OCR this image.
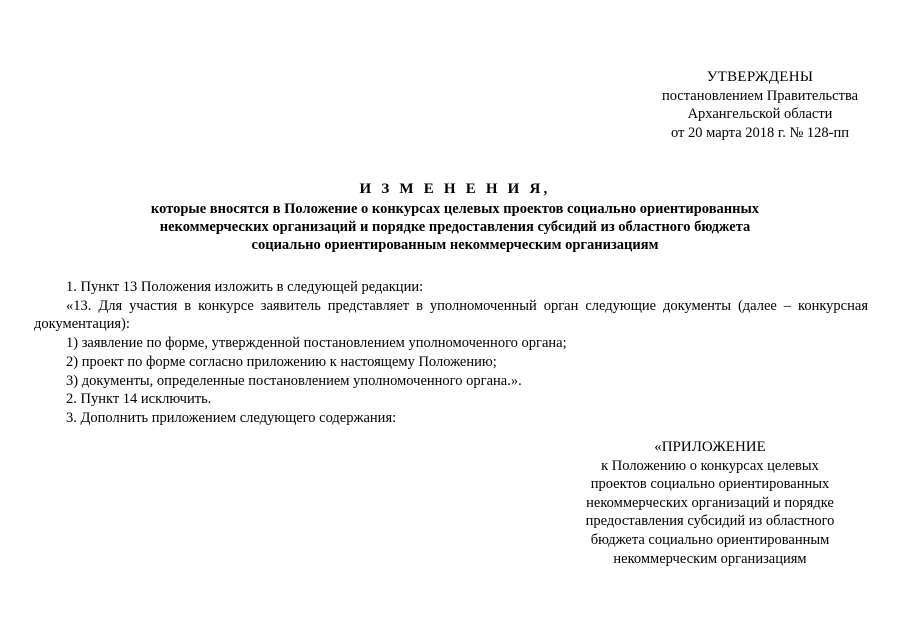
УТВЕРЖДЕНЫ
постановлением Правительства
Архангельской области
от 20 марта 2018 г. № 128-пп
И З М Е Н Е Н И Я,
которые вносятся в Положение о конкурсах целевых проектов социально ориентированных
некоммерческих организаций и порядке предоставления субсидий из областного бюджета
социально ориентированным некоммерческим организациям

1. Пункт 13 Положения изложить в следующей редакции:

«13. Для участия в конкурсе заявитель представляет в уполномоченный орган следующие документы (далее – конкурсная документация):

1) заявление по форме, утвержденной постановлением уполномоченного органа;

2) проект по форме согласно приложению к настоящему Положению;

3) документы, определенные постановлением уполномоченного органа.».

2. Пункт 14 исключить.

3. Дополнить приложением следующего содержания:

«ПРИЛОЖЕНИЕ
к Положению о конкурсах целевых
проектов социально ориентированных
некоммерческих организаций и порядке
предоставления субсидий из областного
бюджета социально ориентированным
некоммерческим организациям
